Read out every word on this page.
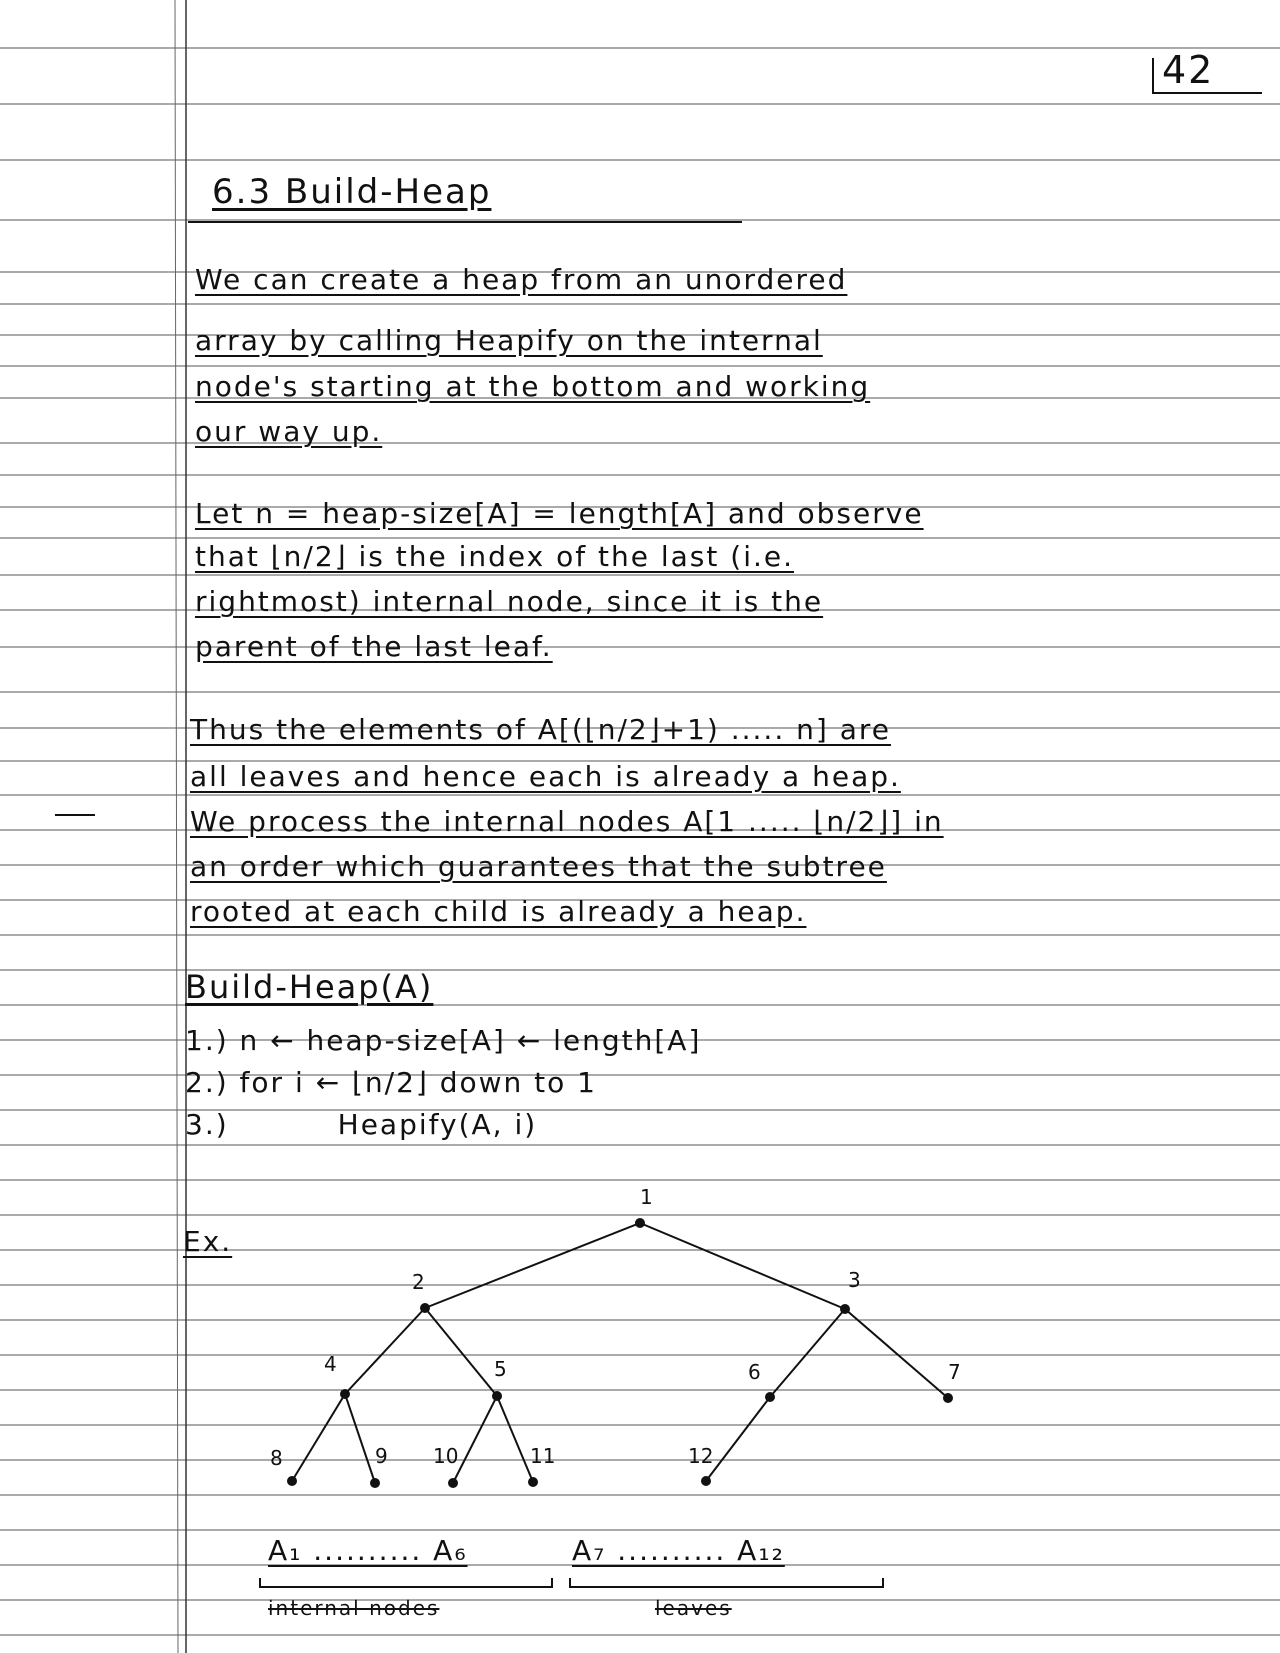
42
6.3 Build-Heap
We can create a heap from an unordered
array by calling Heapify on the internal
node's starting at the bottom and working
our way up.
Let n = heap-size[A] = length[A] and observe
that ⌊n/2⌋ is the index of the last (i.e.
rightmost) internal node, since it is the
parent of the last leaf.
Thus the elements of A[(⌊n/2⌋+1) ..... n] are
all leaves and hence each is already a heap.
We process the internal nodes A[1 ..... ⌊n/2⌋] in
an order which guarantees that the subtree
rooted at each child is already a heap.
Build-Heap(A)
1.) n ← heap-size[A] ← length[A]
2.) for i ← ⌊n/2⌋ down to 1
3.)          Heapify(A, i)
Ex.
1
2	3
4	5	6	7
8	9 10	11	12
A₁ .......... A₆	A₇ .......... A₁₂
internal nodes	leaves
